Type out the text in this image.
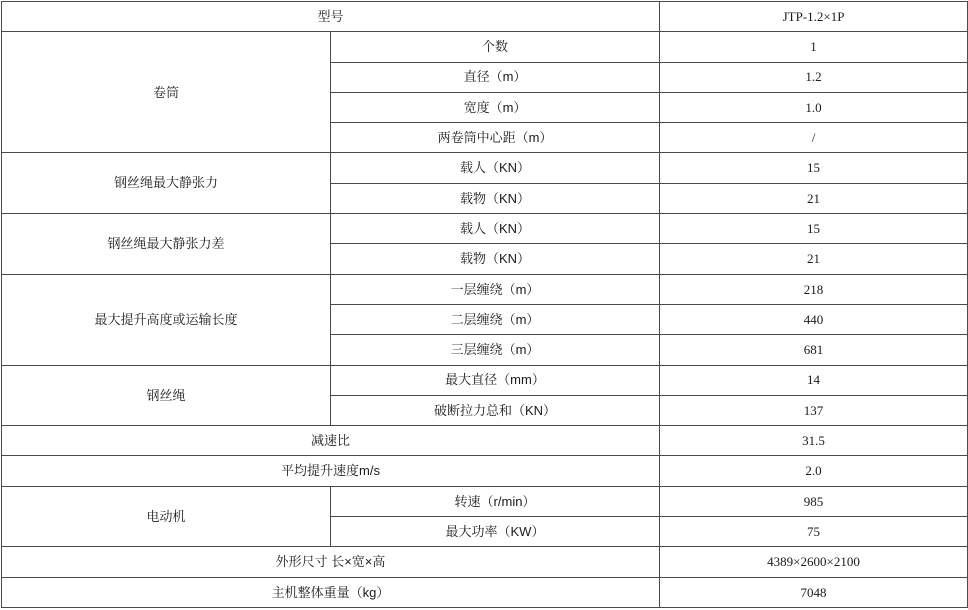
型号		JTP-1.2×1P
卷筒	个数	1
	直径（m）	1.2
	宽度（m）	1.0
	两卷筒中心距（m）	/
钢丝绳最大静张力	载人（KN）	15
	载物（KN）	21
钢丝绳最大静张力差	载人（KN）	15
	载物（KN）	21
最大提升高度或运输长度	一层缠绕（m）	218
	二层缠绕（m）	440
	三层缠绕（m）	681
钢丝绳	最大直径（mm）	14
	破断拉力总和（KN）	137
减速比		31.5
平均提升速度m/s		2.0
电动机	转速（r/min）	985
	最大功率（KW）	75
外形尺寸 长×宽×高		4389×2600×2100
主机整体重量（kg）		7048
